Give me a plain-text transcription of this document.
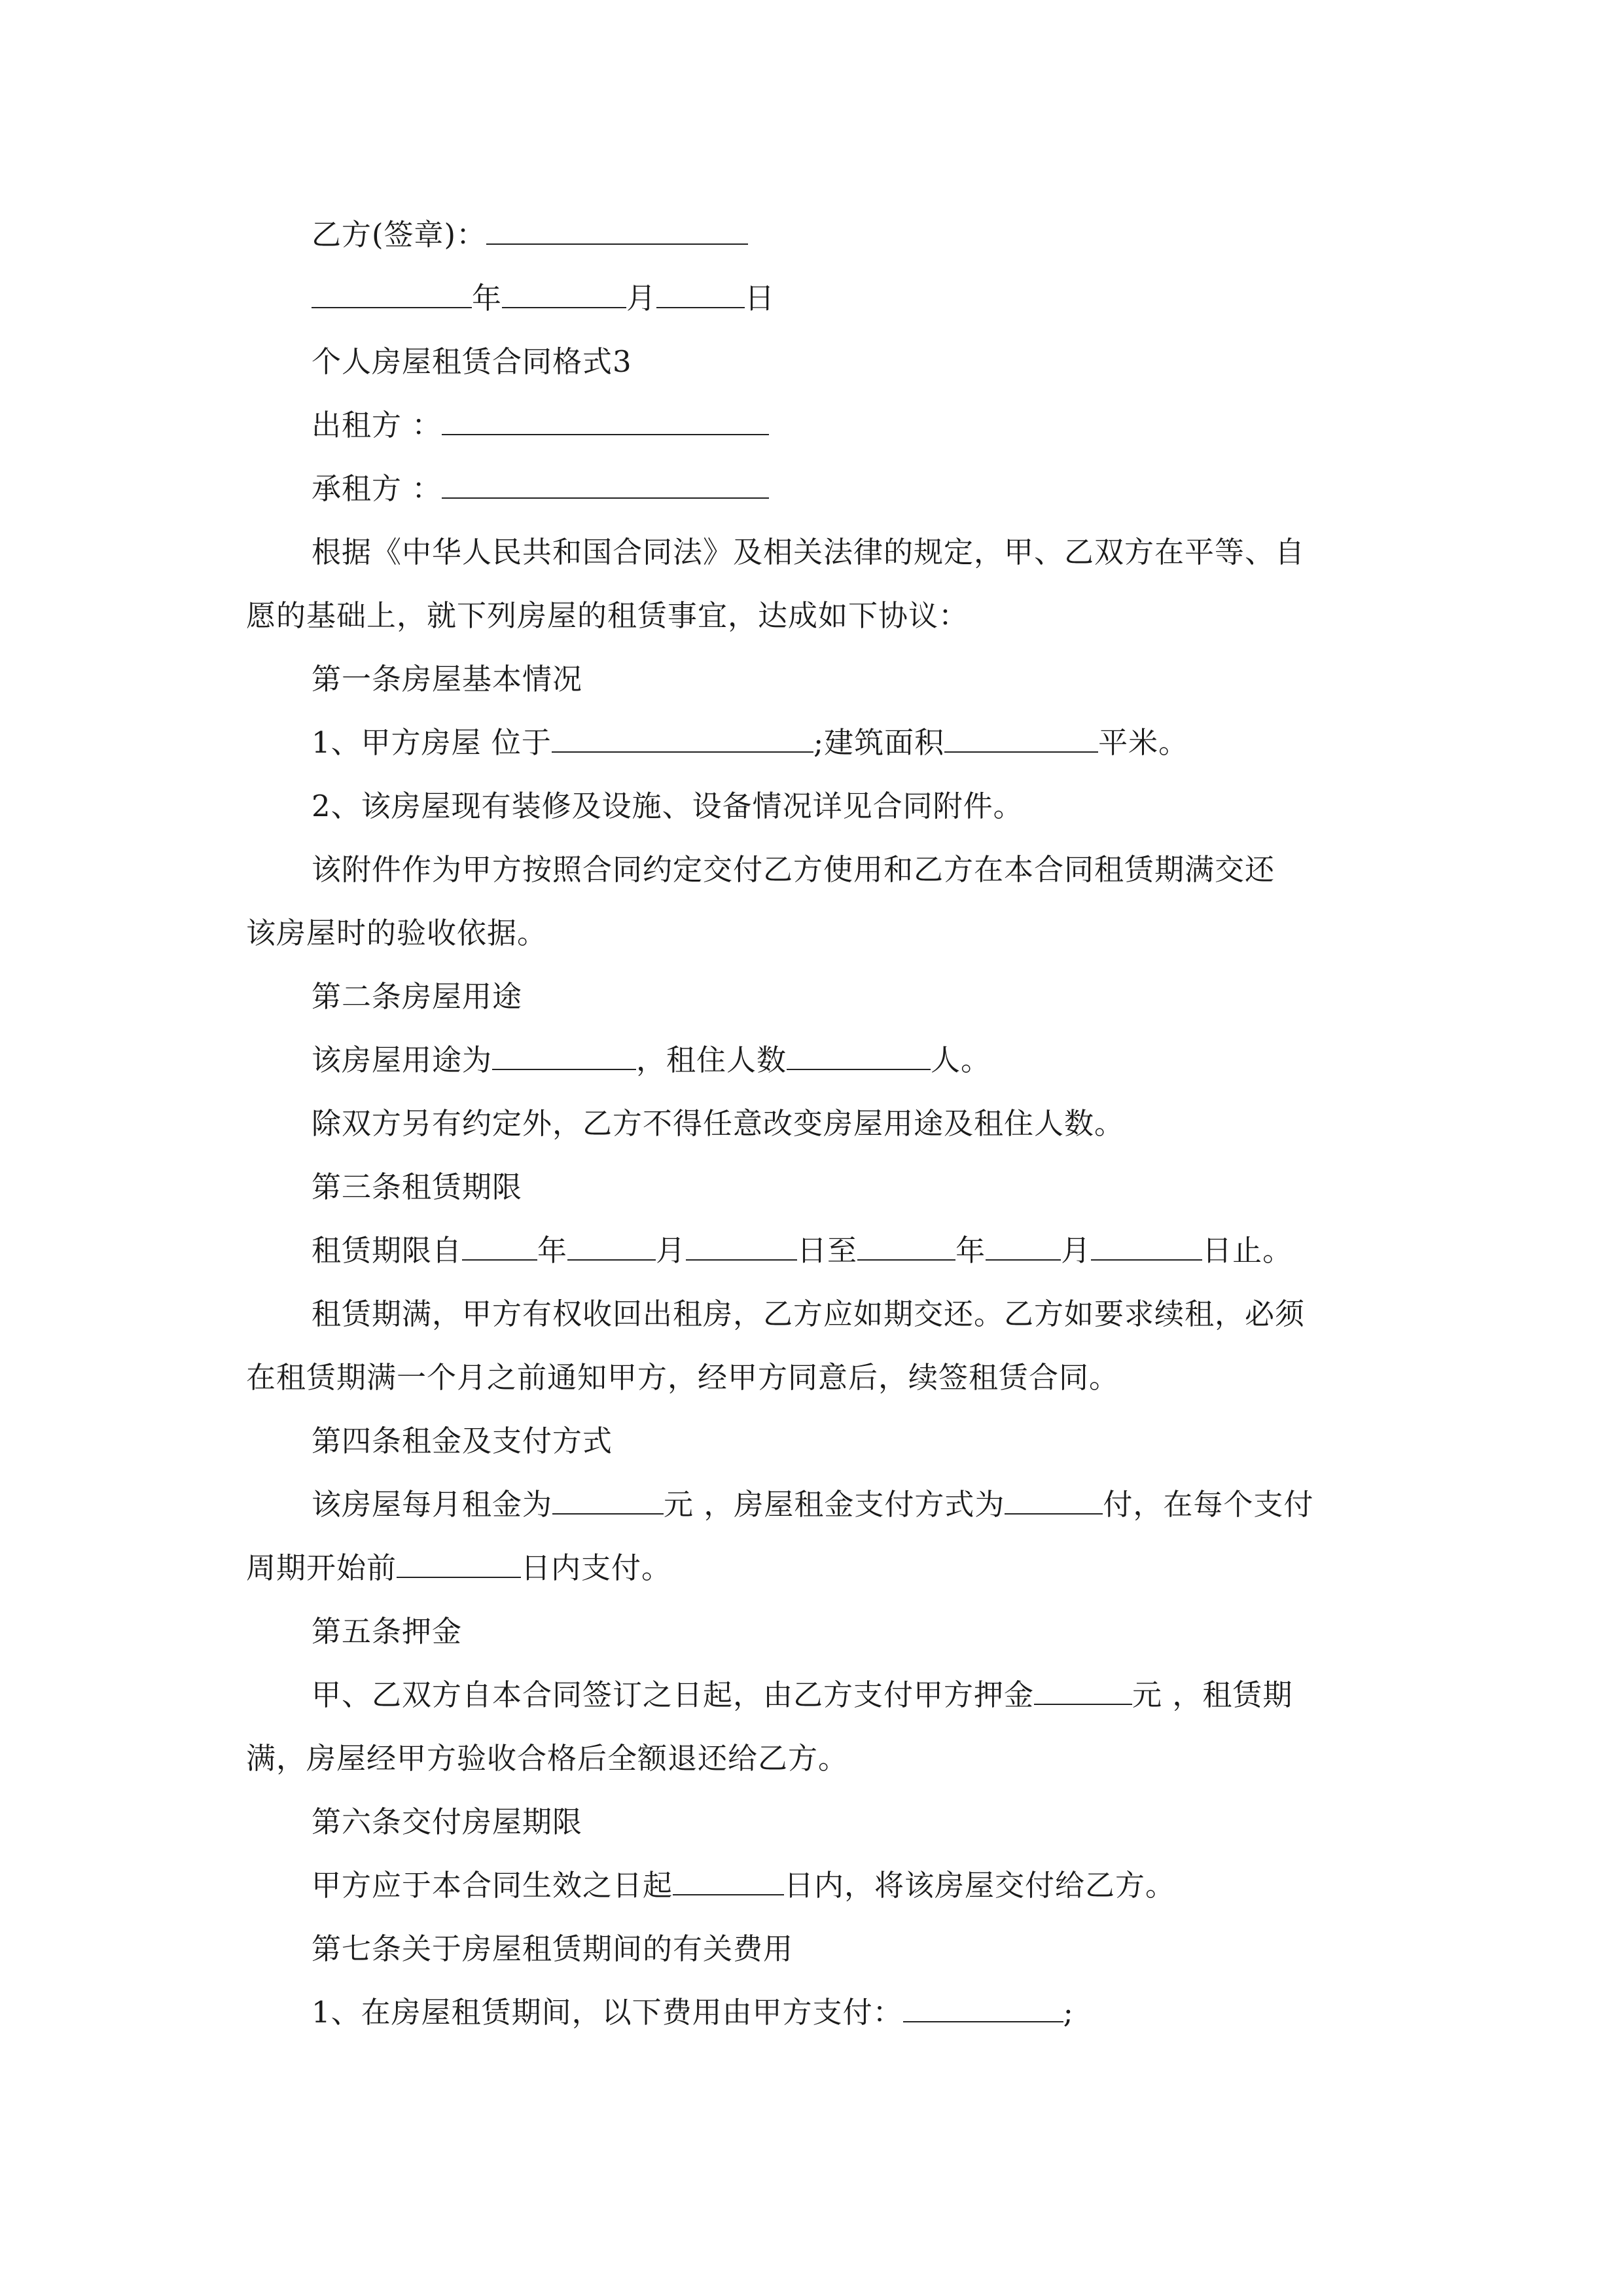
乙方(签章)：
年	月	日
个人房屋租赁合同格式3
出租方 ：
承租方 ：
根据《中华人民共和国合同法》及相关法律的规定，甲、乙双方在平等、自
愿的基础上，就下列房屋的租赁事宜，达成如下协议：
第一条房屋基本情况
1、甲方房屋 位于	;建筑面积	平米。
2、该房屋现有装修及设施、设备情况详见合同附件。
该附件作为甲方按照合同约定交付乙方使用和乙方在本合同租赁期满交还
该房屋时的验收依据。
第二条房屋用途
该房屋用途为	，租住人数	人。
除双方另有约定外，乙方不得任意改变房屋用途及租住人数。
第三条租赁期限
租赁期限自	年	月	日至	年	月	日止。
租赁期满，甲方有权收回出租房，乙方应如期交还。乙方如要求续租，必须
在租赁期满一个月之前通知甲方，经甲方同意后，续签租赁合同。
第四条租金及支付方式
该房屋每月租金为	元 ，房屋租金支付方式为	付，在每个支付
周期开始前	日内支付。
第五条押金
甲、乙双方自本合同签订之日起，由乙方支付甲方押金	元 ，租赁期
满，房屋经甲方验收合格后全额退还给乙方。
第六条交付房屋期限
甲方应于本合同生效之日起	日内，将该房屋交付给乙方。
第七条关于房屋租赁期间的有关费用
1、在房屋租赁期间，以下费用由甲方支付：	;
